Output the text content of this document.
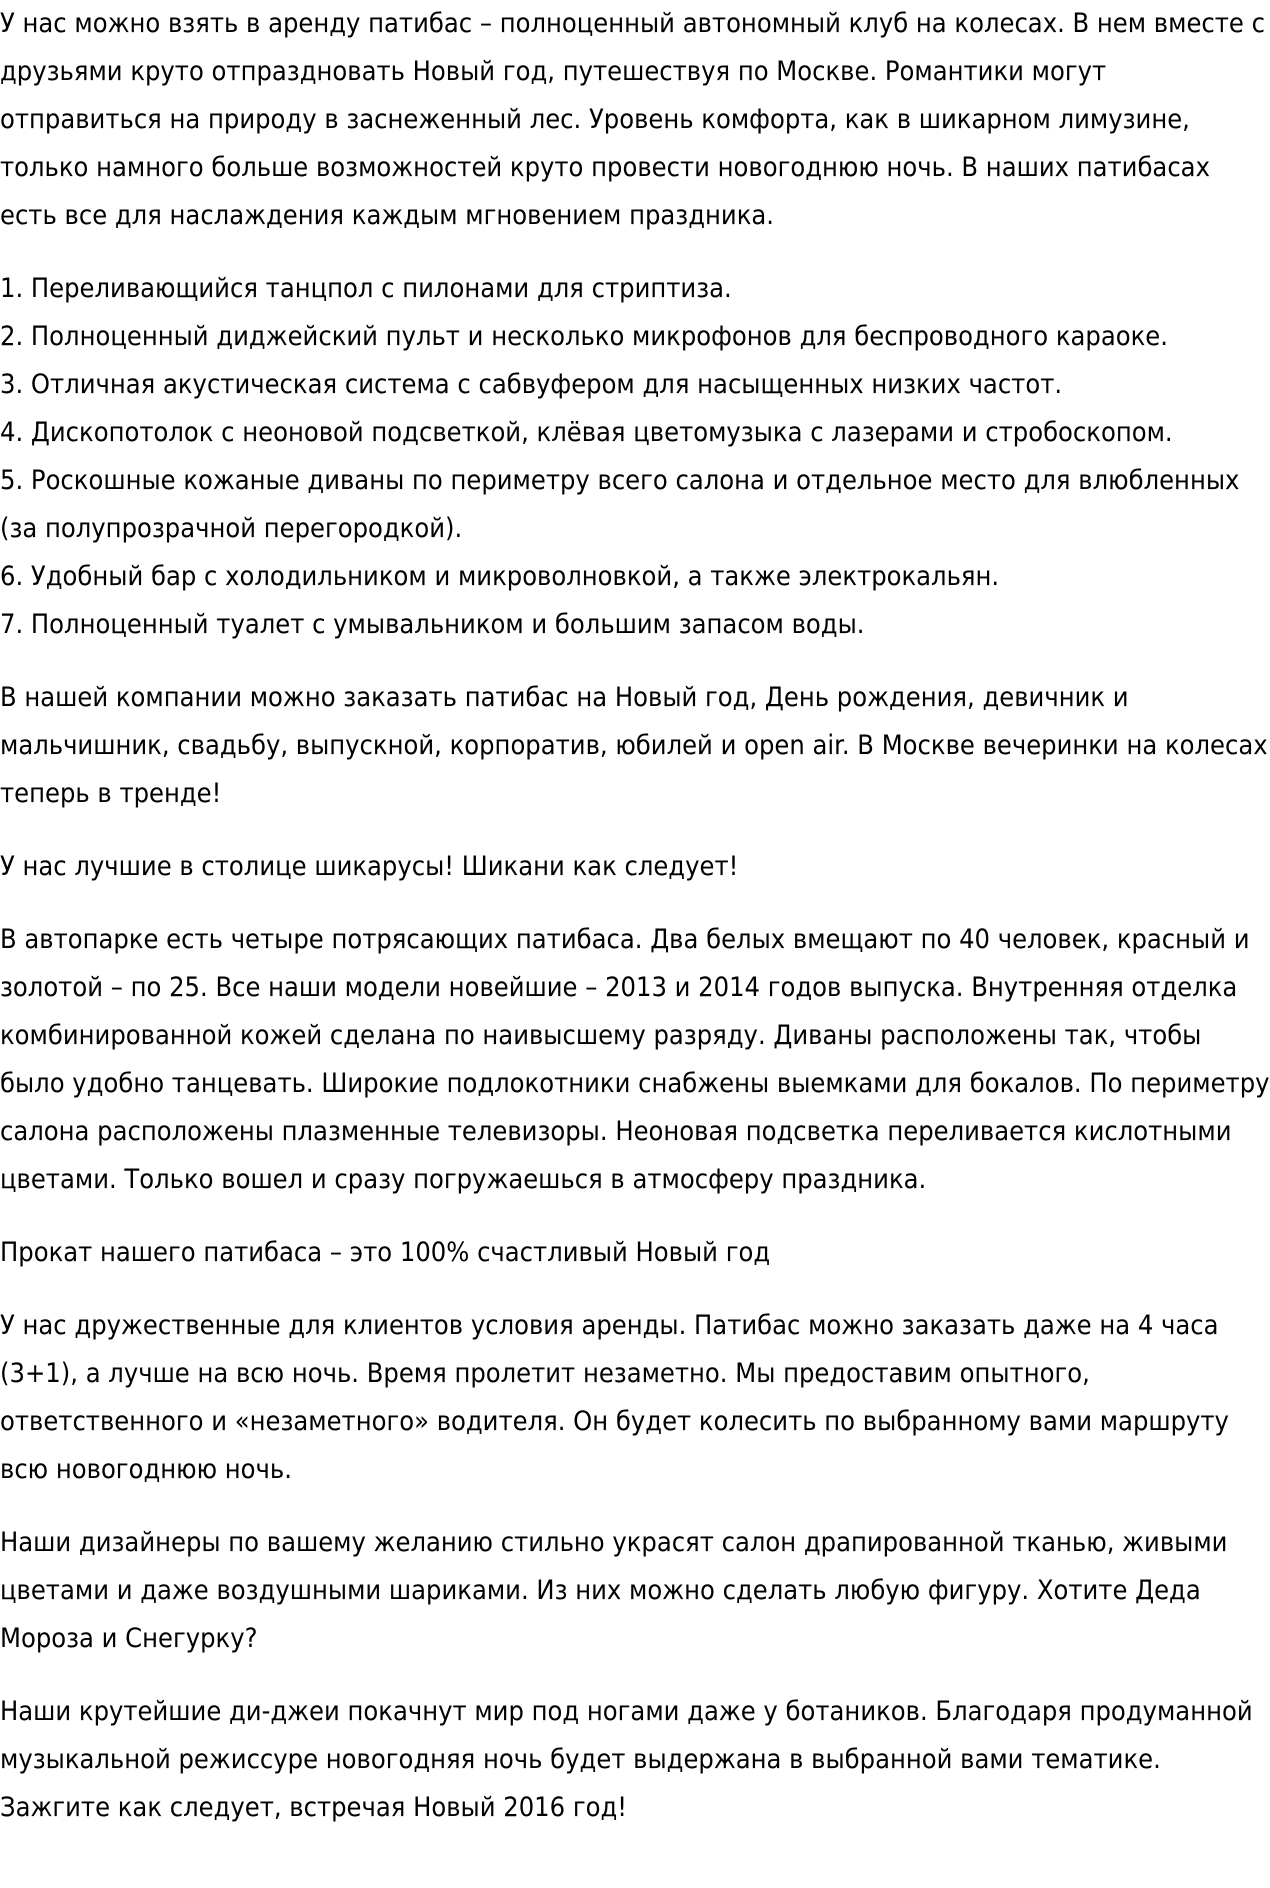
У нас можно взять в аренду патибас – полноценный автономный клуб на колесах. В нем вместе с друзьями круто отпраздновать Новый год, путешествуя по Москве. Романтики могут отправиться на природу в заснеженный лес. Уровень комфорта, как в шикарном лимузине, только намного больше возможностей круто провести новогоднюю ночь. В наших патибасах есть все для наслаждения каждым мгновением праздника.

1. Переливающийся танцпол с пилонами для стриптиза.
2. Полноценный диджейский пульт и несколько микрофонов для беспроводного караоке.
3. Отличная акустическая система с сабвуфером для насыщенных низких частот.
4. Дископотолок с неоновой подсветкой, клёвая цветомузыка с лазерами и стробоскопом.
5. Роскошные кожаные диваны по периметру всего салона и отдельное место для влюбленных (за полупрозрачной перегородкой).
6. Удобный бар с холодильником и микроволновкой, а также электрокальян.
7. Полноценный туалет с умывальником и большим запасом воды.

В нашей компании можно заказать патибас на Новый год, День рождения, девичник и мальчишник, свадьбу, выпускной, корпоратив, юбилей и open air. В Москве вечеринки на колесах теперь в тренде!

У нас лучшие в столице шикарусы! Шикани как следует!

В автопарке есть четыре потрясающих патибаса. Два белых вмещают по 40 человек, красный и золотой – по 25. Все наши модели новейшие – 2013 и 2014 годов выпуска. Внутренняя отделка комбинированной кожей сделана по наивысшему разряду. Диваны расположены так, чтобы было удобно танцевать. Широкие подлокотники снабжены выемками для бокалов. По периметру салона расположены плазменные телевизоры. Неоновая подсветка переливается кислотными цветами. Только вошел и сразу погружаешься в атмосферу праздника.

Прокат нашего патибаса – это 100% счастливый Новый год

У нас дружественные для клиентов условия аренды. Патибас можно заказать даже на 4 часа (3+1), а лучше на всю ночь. Время пролетит незаметно. Мы предоставим опытного, ответственного и «незаметного» водителя. Он будет колесить по выбранному вами маршруту всю новогоднюю ночь.

Наши дизайнеры по вашему желанию стильно украсят салон драпированной тканью, живыми цветами и даже воздушными шариками. Из них можно сделать любую фигуру. Хотите Деда Мороза и Снегурку?

Наши крутейшие ди-джеи покачнут мир под ногами даже у ботаников. Благодаря продуманной музыкальной режиссуре новогодняя ночь будет выдержана в выбранной вами тематике. Зажгите как следует, встречая Новый 2016 год!
